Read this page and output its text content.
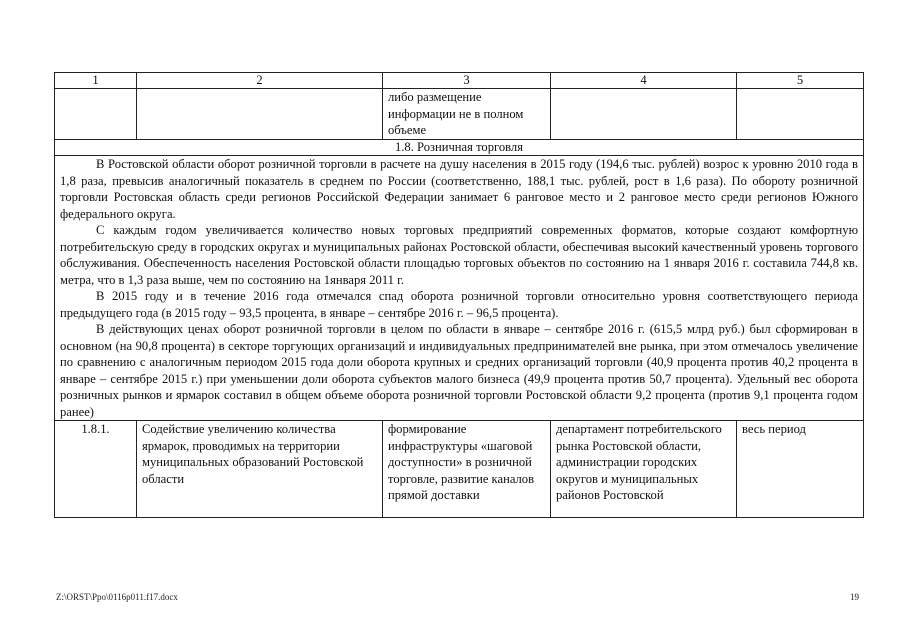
1	2	3	4	5
		либо размещение информации не в полном объеме		
1.8. Розничная торговля				

В Ростовской области оборот розничной торговли в расчете на душу населения в 2015 году (194,6 тыс. рублей) возрос к уровню 2010 года в 1,8 раза, превысив аналогичный показатель в среднем по России (соответственно, 188,1 тыс. рублей, рост в 1,6 раза). По обороту розничной торговли Ростовская область среди регионов Российской Федерации занимает 6 ранговое место и 2 ранговое место среди регионов Южного федерального округа.

С каждым годом увеличивается количество новых торговых предприятий современных форматов, которые создают комфортную потребительскую среду в городских округах и муниципальных районах Ростовской области, обеспечивая высокий качественный уровень торгового обслуживания. Обеспеченность населения Ростовской области площадью торговых объектов по состоянию на 1 января 2016 г. составила 744,8 кв. метра, что в 1,3 раза выше, чем по состоянию на 1января 2011 г.

В 2015 году и в течение 2016 года отмечался спад оборота розничной торговли относительно уровня соответствующего периода предыдущего года (в 2015 году – 93,5 процента, в январе – сентябре 2016 г. – 96,5 процента).

В действующих ценах оборот розничной торговли в целом по области в январе – сентябре 2016 г. (615,5 млрд руб.) был сформирован в основном (на 90,8 процента) в секторе торгующих организаций и индивидуальных предпринимателей вне рынка, при этом отмечалось увеличение по сравнению с аналогичным периодом 2015 года доли оборота крупных и средних организаций торговли (40,9 процента против 40,2 процента в январе – сентябре 2015 г.) при уменьшении доли оборота субъектов малого бизнеса (49,9 процента против 50,7 процента). Удельный вес оборота розничных рынков и ярмарок составил в общем объеме оборота розничной торговли Ростовской области 9,2 процента (против 9,1 процента годом ранее)				

1.8.1.	Содействие увеличению количества ярмарок, проводимых на территории муниципальных образований Ростовской области	формирование инфраструктуры «шаговой доступности» в розничной торговле, развитие каналов прямой доставки	департамент потребительского рынка Ростовской области, администрации городских округов и муниципальных районов Ростовской	весь период
Z:\ORST\Ppo\0116p011.f17.docx	19
